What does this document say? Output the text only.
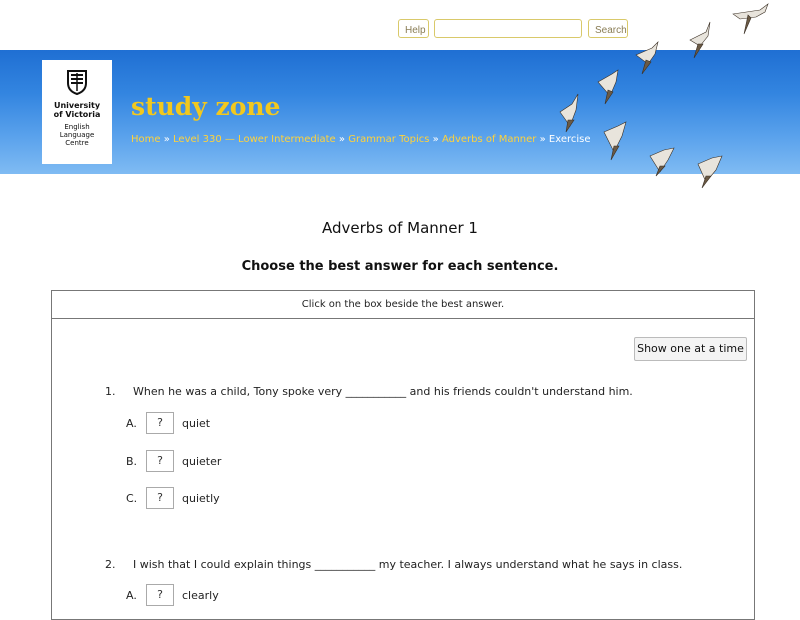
Help	Search
University
of Victoria
English
Language
Centre
study zone
Home » Level 330 — Lower Intermediate » Grammar Topics » Adverbs of Manner » Exercise
Adverbs of Manner 1
Choose the best answer for each sentence.
Click on the box beside the best answer.
Show one at a time
1. When he was a child, Tony spoke very ___________ and his friends couldn't understand him.
A.	?	quiet
B.	?	quieter
C.	?	quietly
2. I wish that I could explain things ___________ my teacher. I always understand what he says in class.
A.	?	clearly
